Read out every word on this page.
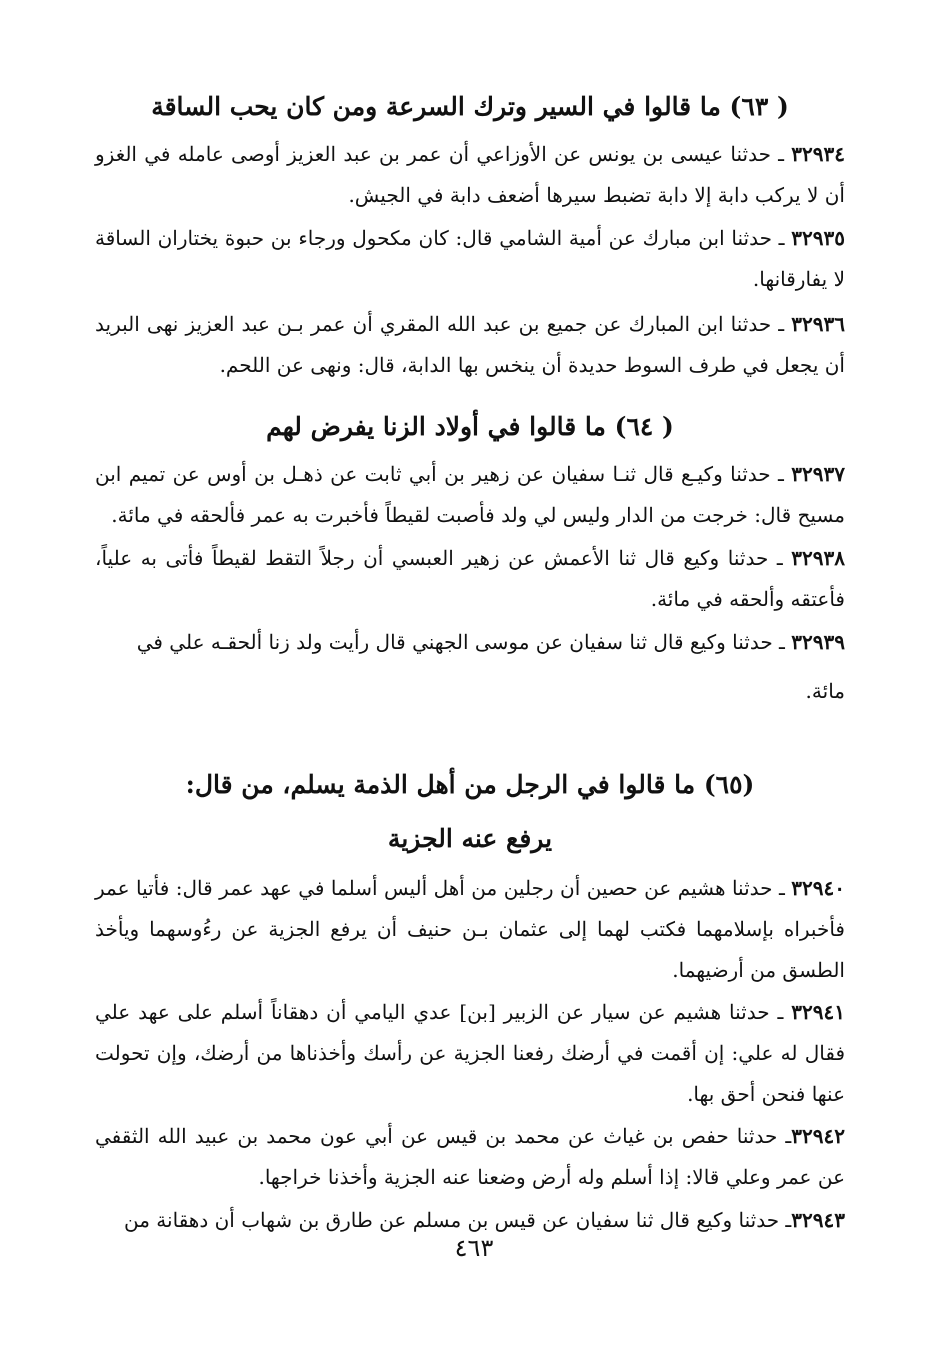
( ٦٣) ما قالوا في السير وترك السرعة ومن كان يحب الساقة

٣٢٩٣٤ ـ حدثنا عيسى بن يونس عن الأوزاعي أن عمر بن عبد العزيز أوصى عامله في الغزو أن لا يركب دابة إلا دابة تضبط سيرها أضعف دابة في الجيش.

٣٢٩٣٥ ـ حدثنا ابن مبارك عن أمية الشامي قال: كان مكحول ورجاء بن حبوة يختاران الساقة لا يفارقانها.

٣٢٩٣٦ ـ حدثنا ابن المبارك عن جميع بن عبد الله المقري أن عمر بـن عبد العزيز نهى البريد أن يجعل في طرف السوط حديدة أن ينخس بها الدابة، قال: ونهى عن اللحم.

( ٦٤) ما قالوا في أولاد الزنا يفرض لهم

٣٢٩٣٧ ـ حدثنا وكيـع قال ثنـا سفيان عن زهير بن أبي ثابت عن ذهـل بن أوس عن تميم ابن مسيح قال: خرجت من الدار وليس لي ولد فأصبت لقيطاً فأخبرت به عمر فألحقه في مائة.

٣٢٩٣٨ ـ حدثنا وكيع قال ثنا الأعمش عن زهير العبسي أن رجلاً التقط لقيطاً فأتى به علياً، فأعتقه وألحقه في مائة.

٣٢٩٣٩ ـ حدثنا وكيع قال ثنا سفيان عن موسى الجهني قال رأيت ولد زنا ألحقـه علي في
مائة.

(٦٥) ما قالوا في الرجل من أهل الذمة يسلم، من قال:
يرفع عنه الجزية

٣٢٩٤٠ ـ حدثنا هشيم عن حصين أن رجلين من أهل أليس أسلما في عهد عمر قال: فأتيا عمر فأخبراه بإسلامهما فكتب لهما إلى عثمان بـن حنيف أن يرفع الجزية عن رءُوسهما ويأخذ الطسق من أرضيهما.

٣٢٩٤١ ـ حدثنا هشيم عن سيار عن الزبير [بن] عدي اليامي أن دهقاناً أسلم على عهد علي فقال له علي: إن أقمت في أرضك رفعنا الجزية عن رأسك وأخذناها من أرضك، وإن تحولت عنها فنحن أحق بها.

٣٢٩٤٢ـ حدثنا حفص بن غياث عن محمد بن قيس عن أبي عون محمد بن عبيد الله الثقفي عن عمر وعلي قالا: إذا أسلم وله أرض وضعنا عنه الجزية وأخذنا خراجها.

٣٢٩٤٣ـ حدثنا وكيع قال ثنا سفيان عن قيس بن مسلم عن طارق بن شهاب أن دهقانة من

٤٦٣
